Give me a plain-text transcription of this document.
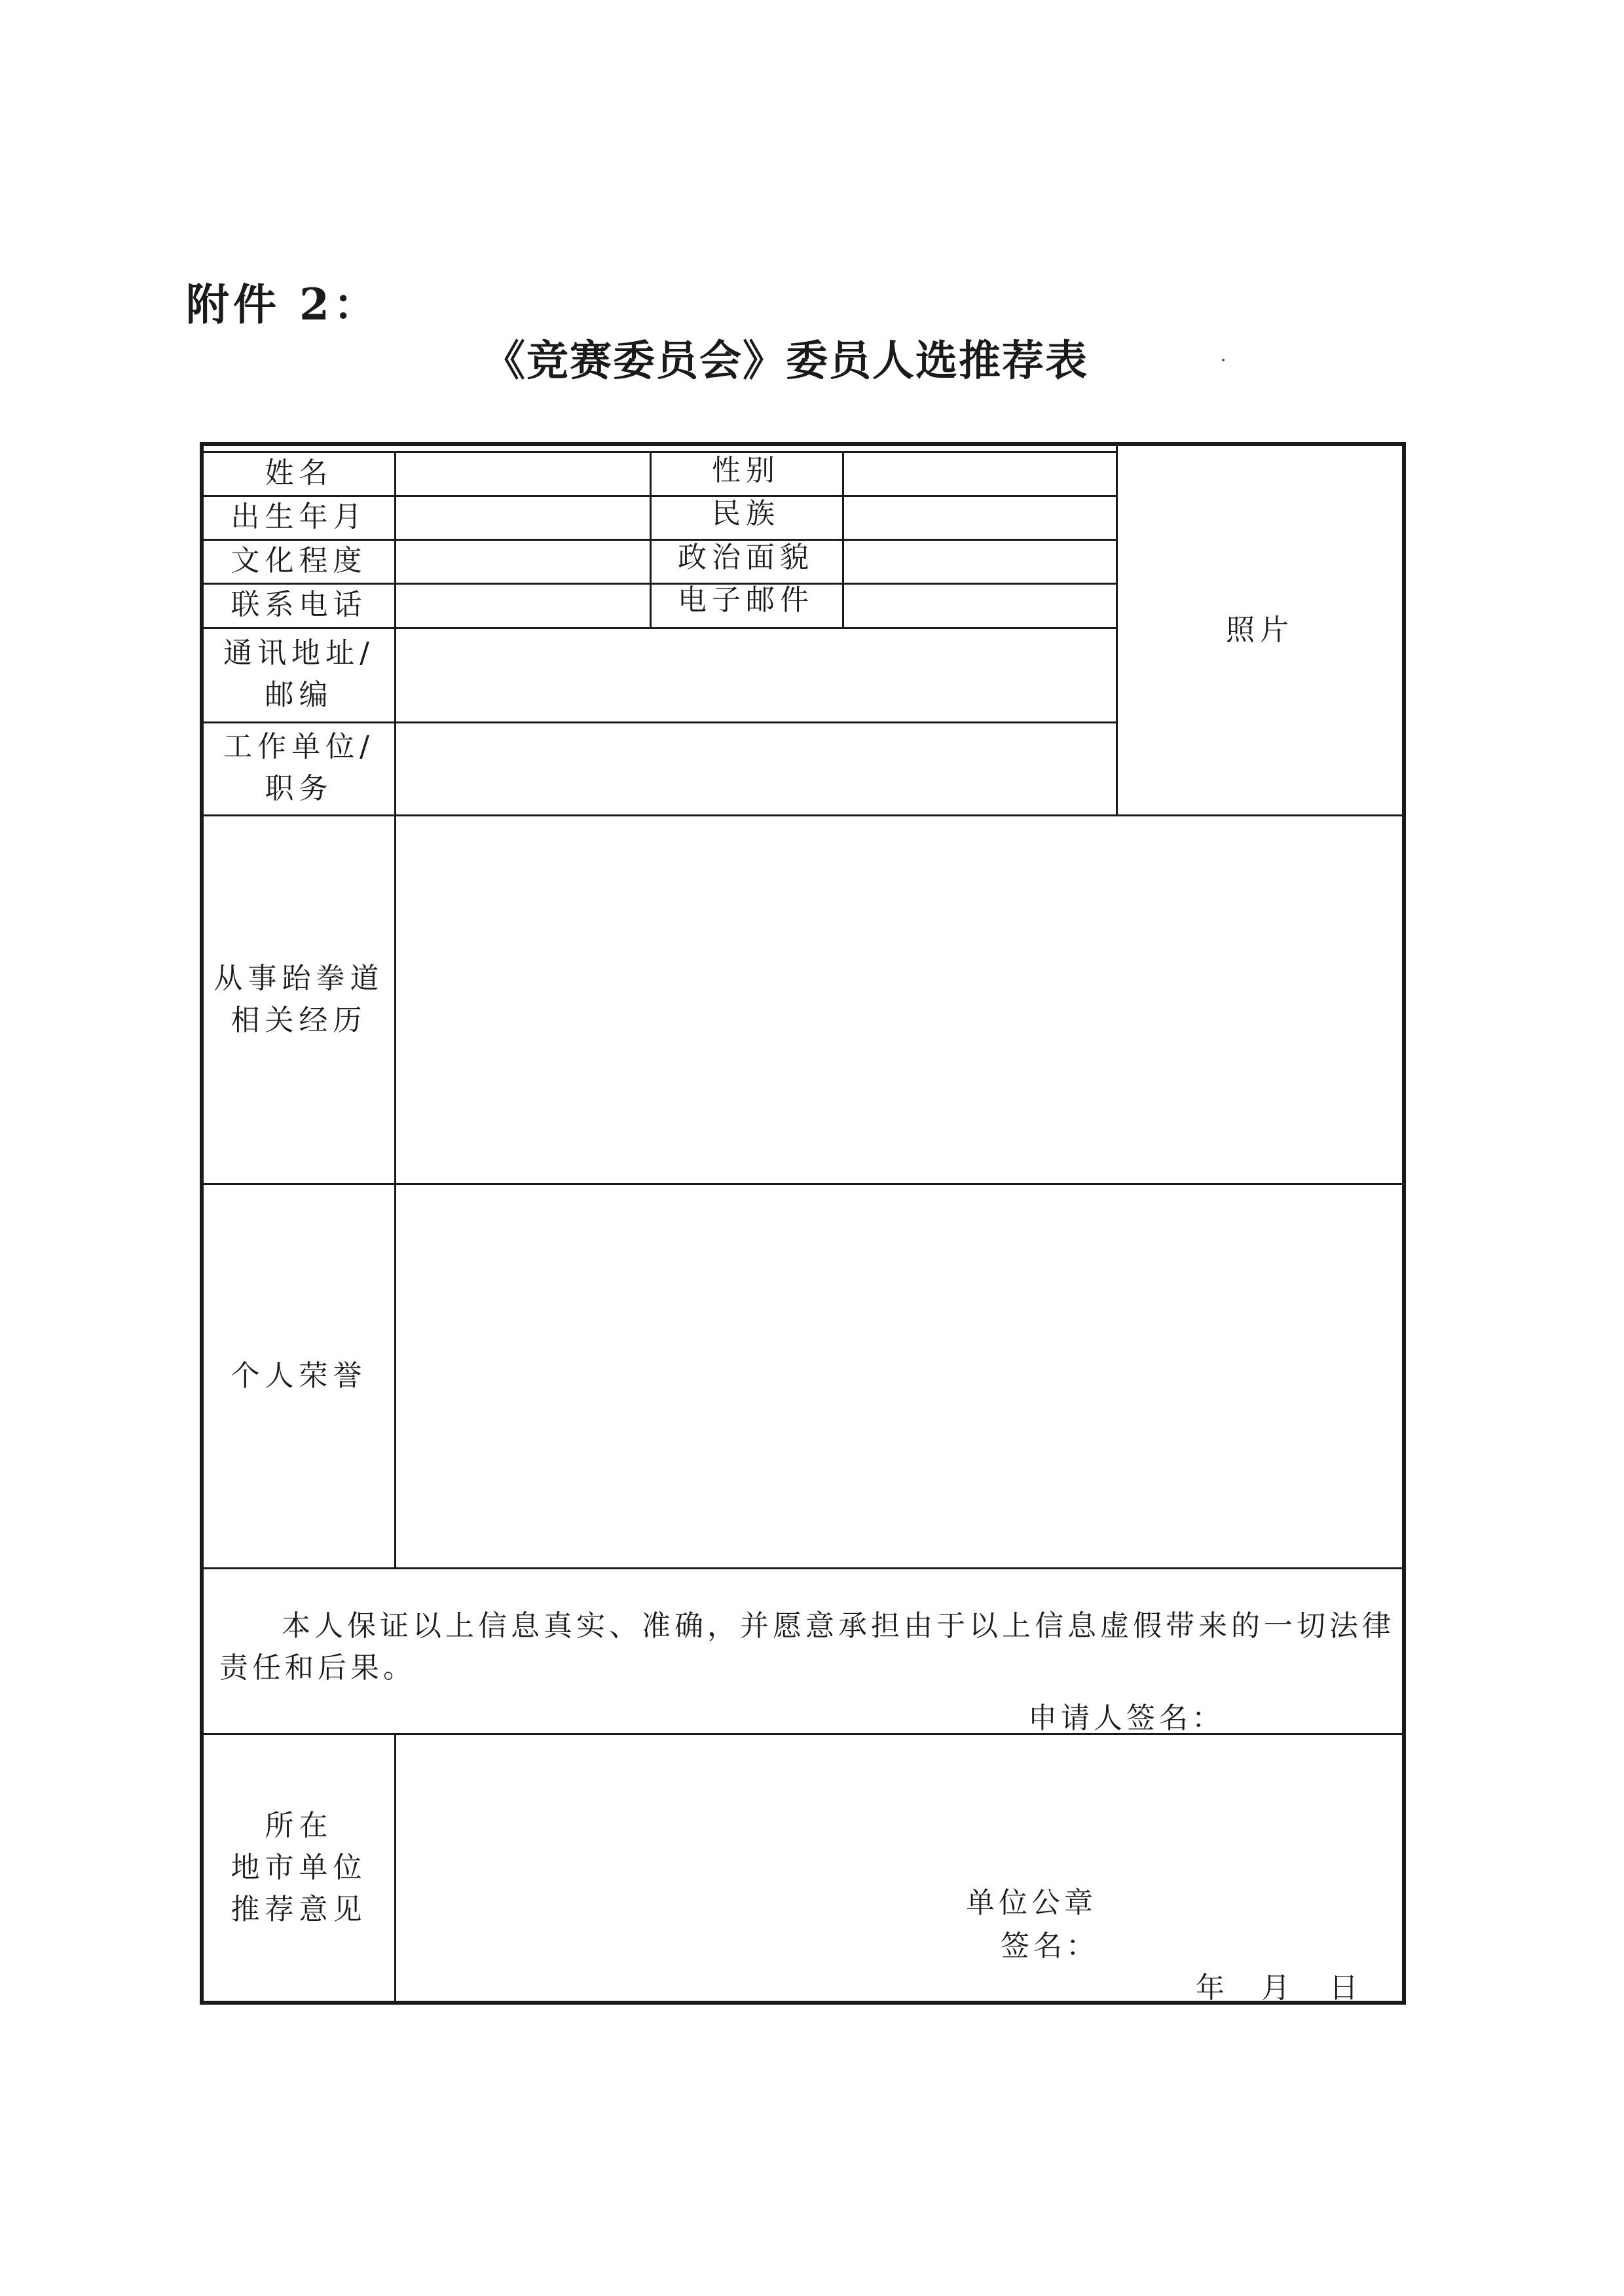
附件 2：
《竞赛委员会》委员人选推荐表
姓名	性别
出生年月	民族
文化程度	政治面貌
联系电话	电子邮件
照片
通讯地址/
邮编
工作单位/
职务
从事跆拳道
相关经历
个人荣誉
所在
地市单位
推荐意见
本人保证以上信息真实、准确，并愿意承担由于以上信息虚假带来的一切法律
责任和后果。
申请人签名：
单位公章
签名：
年 月 日
